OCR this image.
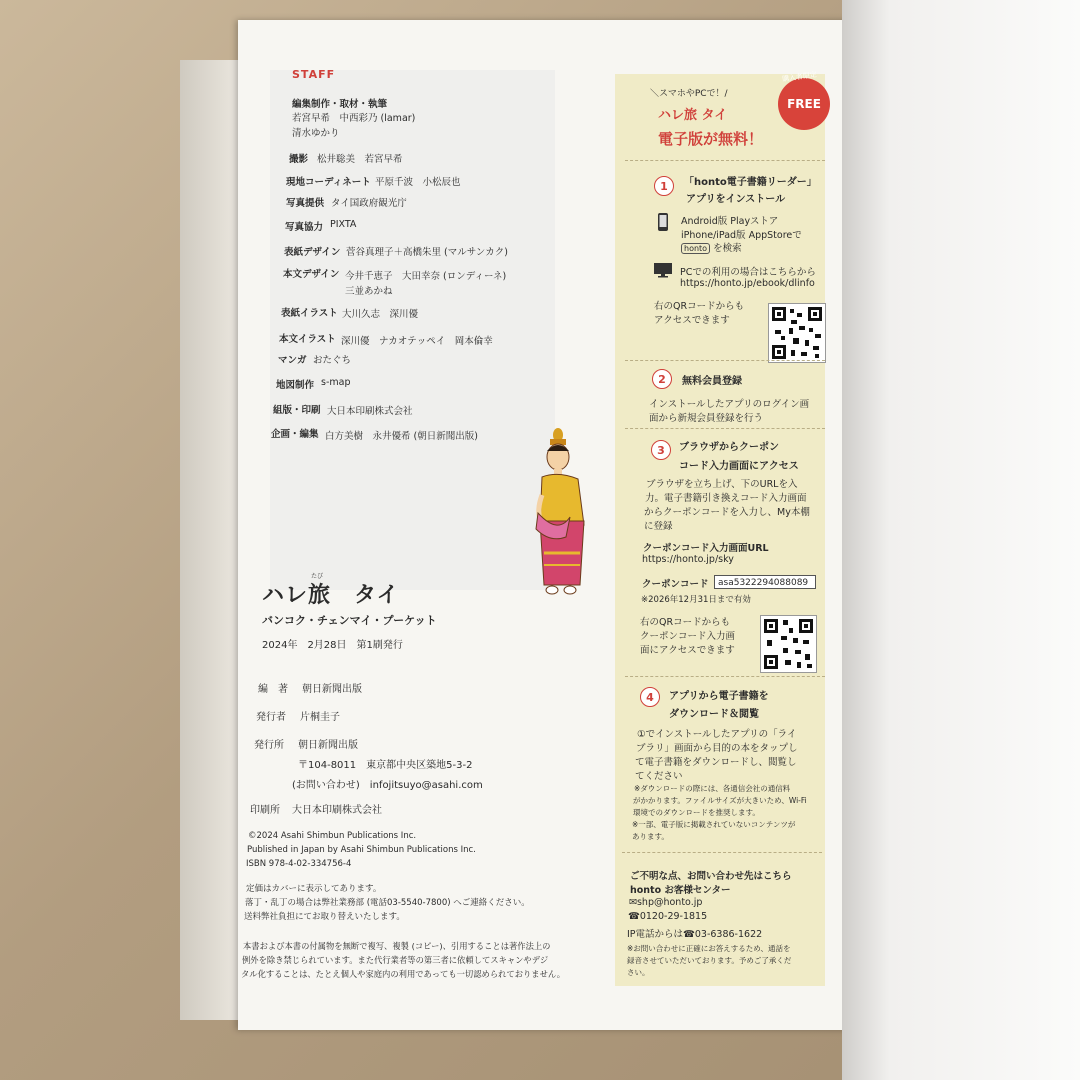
STAFF
編集制作・取材・執筆
若宮早希　中西彩乃 (lamar)
清水ゆかり
撮影 松井聡美　若宮早希
現地コーディネート 平原千波　小松辰也
写真提供 タイ国政府観光庁
写真協力 PIXTA
表紙デザイン 菅谷真理子＋高橋朱里 (マルサンカク)
本文デザイン 今井千恵子　大田幸奈 (ロンディーネ)
三並あかね
表紙イラスト 大川久志　深川優
本文イラスト 深川優　ナカオテッペイ　岡本倫幸
マンガ おたぐち
地図制作 s-map
組版・印刷 大日本印刷株式会社
企画・編集 白方美樹　永井優希 (朝日新聞出版)
ハレ旅　タイ
たび
バンコク・チェンマイ・プーケット
2024年　2月28日　第1刷発行
編　著 朝日新聞出版
発行者 片桐圭子
発行所 朝日新聞出版
〒104-8011　東京都中央区築地5-3-2
(お問い合わせ)　infojitsuyo@asahi.com
印刷所 大日本印刷株式会社
©2024 Asahi Shimbun Publications Inc.
Published in Japan by Asahi Shimbun Publications Inc.
ISBN 978-4-02-334756-4
定価はカバーに表示してあります。
落丁・乱丁の場合は弊社業務部 (電話03-5540-7800) へご連絡ください。
送料弊社負担にてお取り替えいたします。
本書および本書の付属物を無断で複写、複製 (コピー)、引用することは著作法上の
例外を除き禁じられています。また代行業者等の第三者に依頼してスキャンやデジ
タル化することは、たとえ個人や家庭内の利用であっても一切認められておりません。
FREE
購入者限定
＼スマホやPCで！/
ハレ旅 タイ
電子版が無料！
1	「honto電子書籍リーダー」
アプリをインストール
Android版 Playストア
iPhone/iPad版 AppStoreで
honto を検索
PCでの利用の場合はこちらから
https://honto.jp/ebook/dlinfo
右のQRコードからも
アクセスできます
2	無料会員登録
インストールしたアプリのログイン画
面から新規会員登録を行う
3	ブラウザからクーポン
コード入力画面にアクセス
ブラウザを立ち上げ、下のURLを入
力。電子書籍引き換えコード入力画面
からクーポンコードを入力し、My本棚
に登録
クーポンコード入力画面URL
https://honto.jp/sky
クーポンコード	asa5322294088089
※2026年12月31日まで有効
右のQRコードからも
クーポンコード入力画
面にアクセスできます
4	アプリから電子書籍を
ダウンロード＆閲覧
①でインストールしたアプリの「ライ
ブラリ」画面から目的の本をタップし
て電子書籍をダウンロードし、閲覧し
てください
※ダウンロードの際には、各通信会社の通信料
がかかります。ファイルサイズが大きいため、Wi-Fi
環境でのダウンロードを推奨します。
※一部、電子版に掲載されていないコンテンツが
あります。
ご不明な点、お問い合わせ先はこちら
honto お客様センター
✉shp@honto.jp
☎0120-29-1815
IP電話からは☎03-6386-1622
※お問い合わせに正確にお答えするため、通話を
録音させていただいております。予めご了承くだ
さい。
